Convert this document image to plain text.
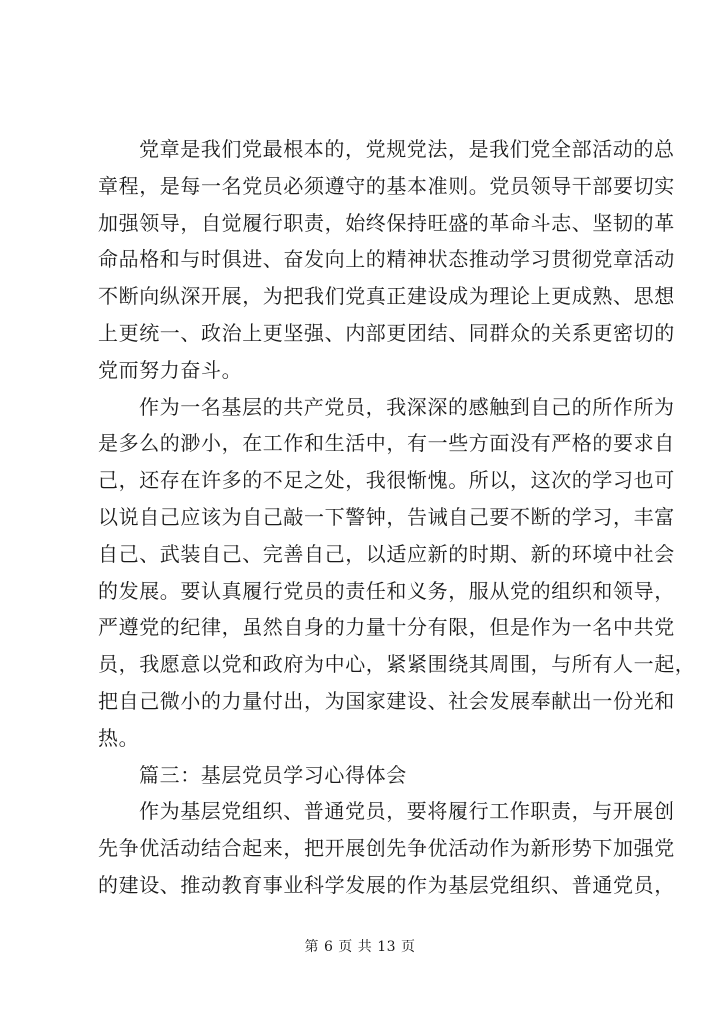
党章是我们党最根本的，党规党法，是我们党全部活动的总
章程，是每一名党员必须遵守的基本准则。党员领导干部要切实
加强领导，自觉履行职责，始终保持旺盛的革命斗志、坚韧的革
命品格和与时俱进、奋发向上的精神状态推动学习贯彻党章活动
不断向纵深开展，为把我们党真正建设成为理论上更成熟、思想
上更统一、政治上更坚强、内部更团结、同群众的关系更密切的
党而努力奋斗。
作为一名基层的共产党员，我深深的感触到自己的所作所为
是多么的渺小，在工作和生活中，有一些方面没有严格的要求自
己，还存在许多的不足之处，我很惭愧。所以，这次的学习也可
以说自己应该为自己敲一下警钟，告诫自己要不断的学习，丰富
自己、武装自己、完善自己，以适应新的时期、新的环境中社会
的发展。要认真履行党员的责任和义务，服从党的组织和领导，
严遵党的纪律，虽然自身的力量十分有限，但是作为一名中共党
员，我愿意以党和政府为中心，紧紧围绕其周围，与所有人一起，
把自己微小的力量付出，为国家建设、社会发展奉献出一份光和
热。
篇三：基层党员学习心得体会
作为基层党组织、普通党员，要将履行工作职责，与开展创
先争优活动结合起来，把开展创先争优活动作为新形势下加强党
的建设、推动教育事业科学发展的作为基层党组织、普通党员，
第 6 页 共 13 页
